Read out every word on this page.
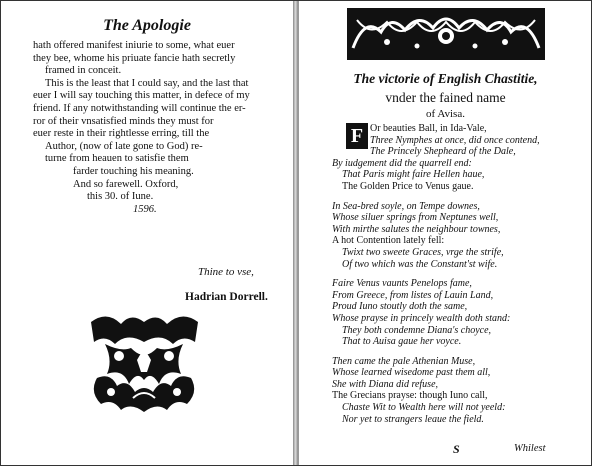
The Apologie
hath offered manifest iniurie to some, what euer
they bee, whome his priuate fancie hath secretly
framed in conceit.
This is the least that I could say, and the last that
euer I will say touching this matter, in defece of my
friend. If any notwithstanding will continue the er-
ror of their vnsatisfied minds they must for
euer reste in their rightlesse erring, till the
Author, (now of late gone to God) re-
turne from heauen to satisfie them
farder touching his meaning.
And so farewell. Oxford,
this 30. of Iune.
1596.
Thine to vse,
Hadrian Dorrell.
The victorie of English Chastitie,
vnder the fained name
of Avisa.
F Or beauties Ball, in Ida-Vale,
Three Nymphes at once, did once contend,
The Princely Shepheard of the Dale,
By iudgement did the quarrell end:
That Paris might faire Hellen haue,
The Golden Price to Venus gaue.
In Sea-bred soyle, on Tempe downes,
Whose siluer springs from Neptunes well,
With mirthe salutes the neighbour townes,
A hot Contention lately fell:
Twixt two sweete Graces, vrge the strife,
Of two which was the Constant'st wife.
Faire Venus vaunts Penelops fame,
From Greece, from listes of Lauin Land,
Proud Iuno stoutly doth the same,
Whose prayse in princely wealth doth stand:
They both condemne Diana's choyce,
That to Auisa gaue her voyce.
Then came the pale Athenian Muse,
Whose learned wisedome past them all,
She with Diana did refuse,
The Grecians prayse: though Iuno call,
Chaste Wit to Wealth here will not yeeld:
Nor yet to strangers leaue the field.
S	Whilest
